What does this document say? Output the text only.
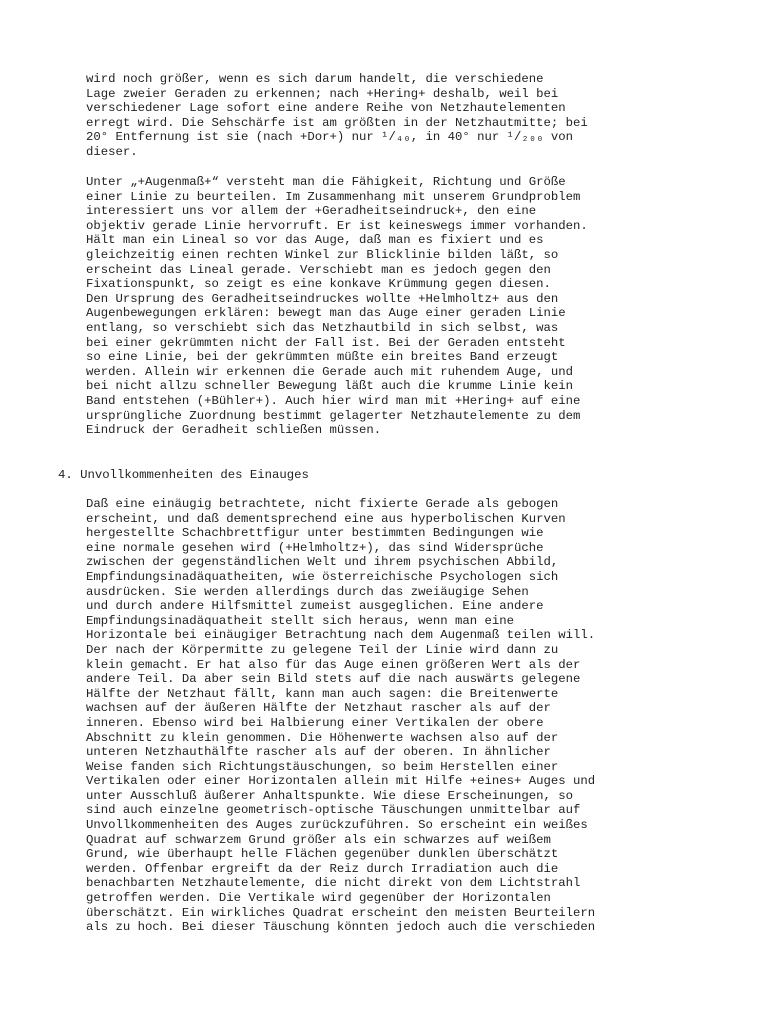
wird noch größer, wenn es sich darum handelt, die verschiedene
Lage zweier Geraden zu erkennen; nach +Hering+ deshalb, weil bei
verschiedener Lage sofort eine andere Reihe von Netzhautelementen
erregt wird. Die Sehschärfe ist am größten in der Netzhautmitte; bei
20° Entfernung ist sie (nach +Dor+) nur ¹/₄₀, in 40° nur ¹/₂₀₀ von
dieser.

Unter „+Augenmaß+“ versteht man die Fähigkeit, Richtung und Größe
einer Linie zu beurteilen. Im Zusammenhang mit unserem Grundproblem
interessiert uns vor allem der +Geradheitseindruck+, den eine
objektiv gerade Linie hervorruft. Er ist keineswegs immer vorhanden.
Hält man ein Lineal so vor das Auge, daß man es fixiert und es
gleichzeitig einen rechten Winkel zur Blicklinie bilden läßt, so
erscheint das Lineal gerade. Verschiebt man es jedoch gegen den
Fixationspunkt, so zeigt es eine konkave Krümmung gegen diesen.
Den Ursprung des Geradheitseindruckes wollte +Helmholtz+ aus den
Augenbewegungen erklären: bewegt man das Auge einer geraden Linie
entlang, so verschiebt sich das Netzhautbild in sich selbst, was
bei einer gekrümmten nicht der Fall ist. Bei der Geraden entsteht
so eine Linie, bei der gekrümmten müßte ein breites Band erzeugt
werden. Allein wir erkennen die Gerade auch mit ruhendem Auge, und
bei nicht allzu schneller Bewegung läßt auch die krumme Linie kein
Band entstehen (+Bühler+). Auch hier wird man mit +Hering+ auf eine
ursprüngliche Zuordnung bestimmt gelagerter Netzhautelemente zu dem
Eindruck der Geradheit schließen müssen.

4. Unvollkommenheiten des Einauges

Daß eine einäugig betrachtete, nicht fixierte Gerade als gebogen
erscheint, und daß dementsprechend eine aus hyperbolischen Kurven
hergestellte Schachbrettfigur unter bestimmten Bedingungen wie
eine normale gesehen wird (+Helmholtz+), das sind Widersprüche
zwischen der gegenständlichen Welt und ihrem psychischen Abbild,
Empfindungsinadäquatheiten, wie österreichische Psychologen sich
ausdrücken. Sie werden allerdings durch das zweiäugige Sehen
und durch andere Hilfsmittel zumeist ausgeglichen. Eine andere
Empfindungsinadäquatheit stellt sich heraus, wenn man eine
Horizontale bei einäugiger Betrachtung nach dem Augenmaß teilen will.
Der nach der Körpermitte zu gelegene Teil der Linie wird dann zu
klein gemacht. Er hat also für das Auge einen größeren Wert als der
andere Teil. Da aber sein Bild stets auf die nach auswärts gelegene
Hälfte der Netzhaut fällt, kann man auch sagen: die Breitenwerte
wachsen auf der äußeren Hälfte der Netzhaut rascher als auf der
inneren. Ebenso wird bei Halbierung einer Vertikalen der obere
Abschnitt zu klein genommen. Die Höhenwerte wachsen also auf der
unteren Netzhauthälfte rascher als auf der oberen. In ähnlicher
Weise fanden sich Richtungstäuschungen, so beim Herstellen einer
Vertikalen oder einer Horizontalen allein mit Hilfe +eines+ Auges und
unter Ausschluß äußerer Anhaltspunkte. Wie diese Erscheinungen, so
sind auch einzelne geometrisch-optische Täuschungen unmittelbar auf
Unvollkommenheiten des Auges zurückzuführen. So erscheint ein weißes
Quadrat auf schwarzem Grund größer als ein schwarzes auf weißem
Grund, wie überhaupt helle Flächen gegenüber dunklen überschätzt
werden. Offenbar ergreift da der Reiz durch Irradiation auch die
benachbarten Netzhautelemente, die nicht direkt von dem Lichtstrahl
getroffen werden. Die Vertikale wird gegenüber der Horizontalen
überschätzt. Ein wirkliches Quadrat erscheint den meisten Beurteilern
als zu hoch. Bei dieser Täuschung könnten jedoch auch die verschieden
